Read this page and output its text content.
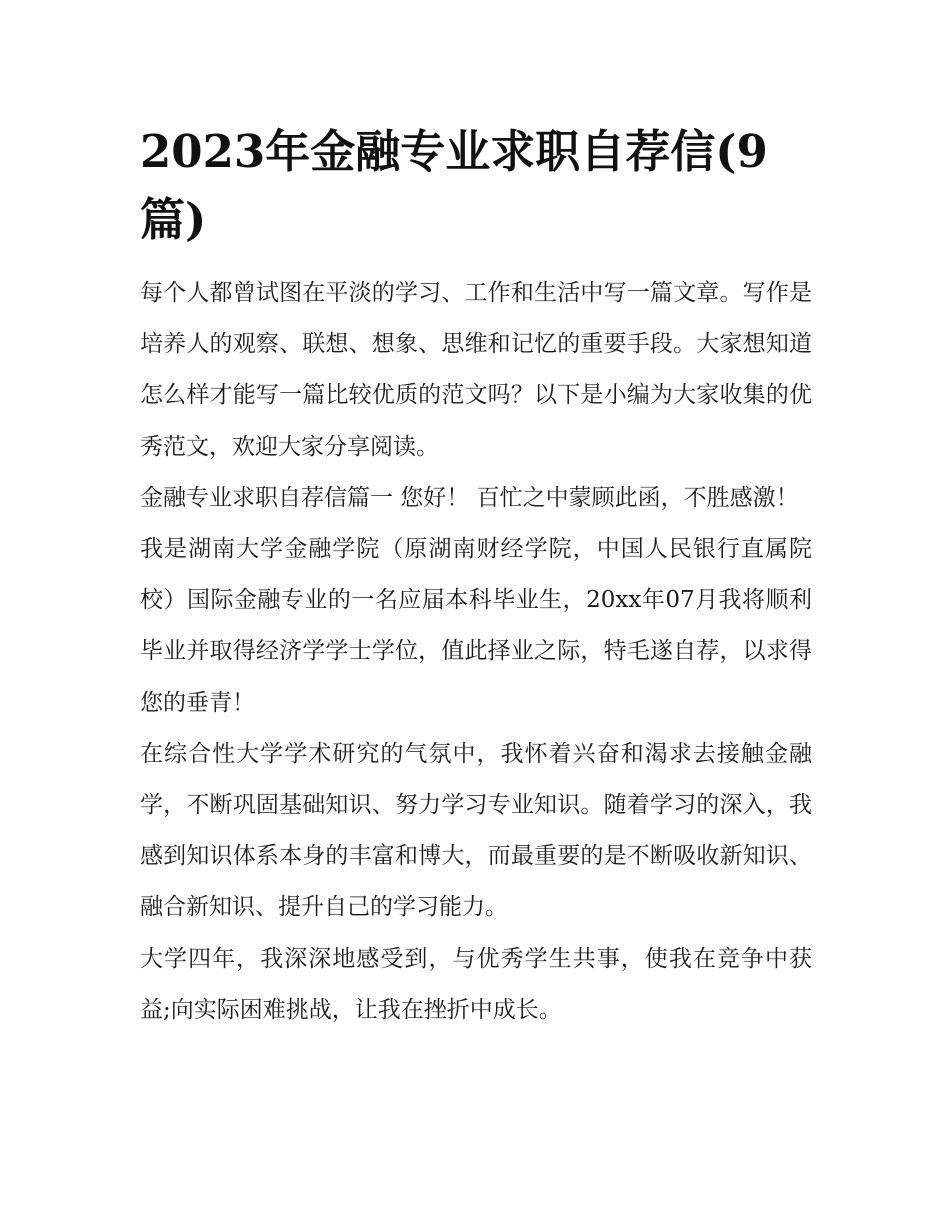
2023年金融专业求职自荐信(9篇)

每个人都曾试图在平淡的学习、工作和生活中写一篇文章。写作是培养人的观察、联想、想象、思维和记忆的重要手段。大家想知道怎么样才能写一篇比较优质的范文吗？以下是小编为大家收集的优秀范文，欢迎大家分享阅读。

金融专业求职自荐信篇一 您好！ 百忙之中蒙顾此函，不胜感激！

我是湖南大学金融学院（原湖南财经学院，中国人民银行直属院校）国际金融专业的一名应届本科毕业生，20xx年07月我将顺利毕业并取得经济学学士学位，值此择业之际，特毛遂自荐，以求得您的垂青！

在综合性大学学术研究的气氛中，我怀着兴奋和渴求去接触金融学，不断巩固基础知识、努力学习专业知识。随着学习的深入，我感到知识体系本身的丰富和博大，而最重要的是不断吸收新知识、融合新知识、提升自己的学习能力。

大学四年，我深深地感受到，与优秀学生共事，使我在竞争中获益;向实际困难挑战，让我在挫折中成长。
